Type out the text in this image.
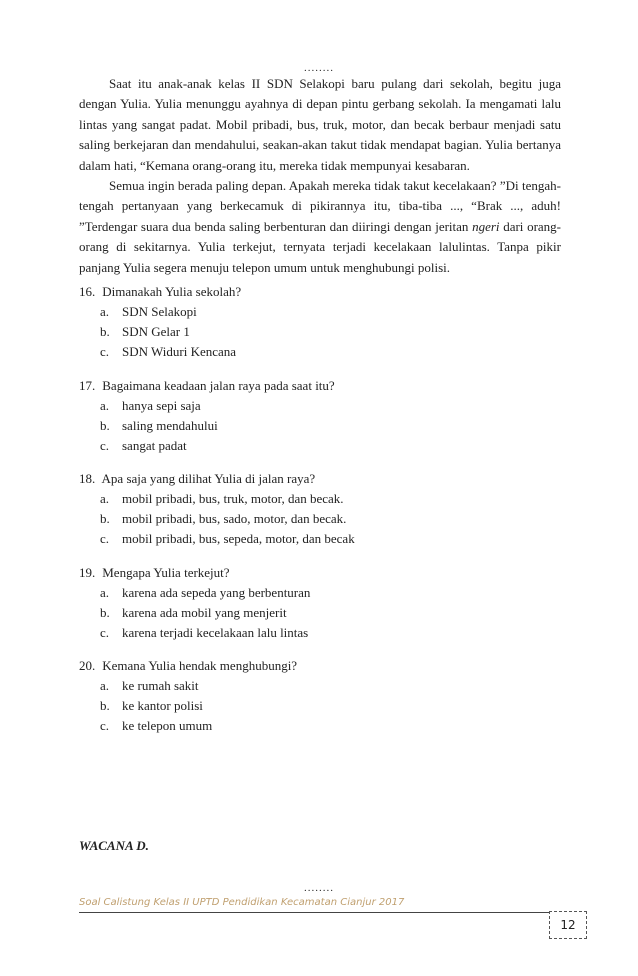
........

Saat itu anak-anak kelas II SDN Selakopi baru pulang dari sekolah, begitu juga dengan Yulia. Yulia menunggu ayahnya di depan pintu gerbang sekolah. Ia mengamati lalu lintas yang sangat padat. Mobil pribadi, bus, truk, motor, dan becak berbaur menjadi satu saling berkejaran dan mendahului, seakan-akan takut tidak mendapat bagian. Yulia bertanya dalam hati, “Kemana orang-orang itu, mereka tidak mempunyai kesabaran.

Semua ingin berada paling depan. Apakah mereka tidak takut kecelakaan? ”Di tengah-tengah pertanyaan yang berkecamuk di pikirannya itu, tiba-tiba ..., “Brak ..., aduh! ”Terdengar suara dua benda saling berbenturan dan diiringi dengan jeritan ngeri dari orang-orang di sekitarnya. Yulia terkejut, ternyata terjadi kecelakaan lalulintas. Tanpa pikir panjang Yulia segera menuju telepon umum untuk menghubungi polisi.

16. Dimanakah Yulia sekolah?
a. SDN Selakopi
b. SDN Gelar 1
c. SDN Widuri Kencana
17. Bagaimana keadaan jalan raya pada saat itu?
a. hanya sepi saja
b. saling mendahului
c. sangat padat
18. Apa saja yang dilihat Yulia di jalan raya?
a. mobil pribadi, bus, truk, motor, dan becak.
b. mobil pribadi, bus, sado, motor, dan becak.
c. mobil pribadi, bus, sepeda, motor, dan becak
19. Mengapa Yulia terkejut?
a. karena ada sepeda yang berbenturan
b. karena ada mobil yang menjerit
c. karena terjadi kecelakaan lalu lintas
20. Kemana Yulia hendak menghubungi?
a. ke rumah sakit
b. ke kantor polisi
c. ke telepon umum
WACANA D.
........
Soal Calistung Kelas II UPTD Pendidikan Kecamatan Cianjur 2017
12
